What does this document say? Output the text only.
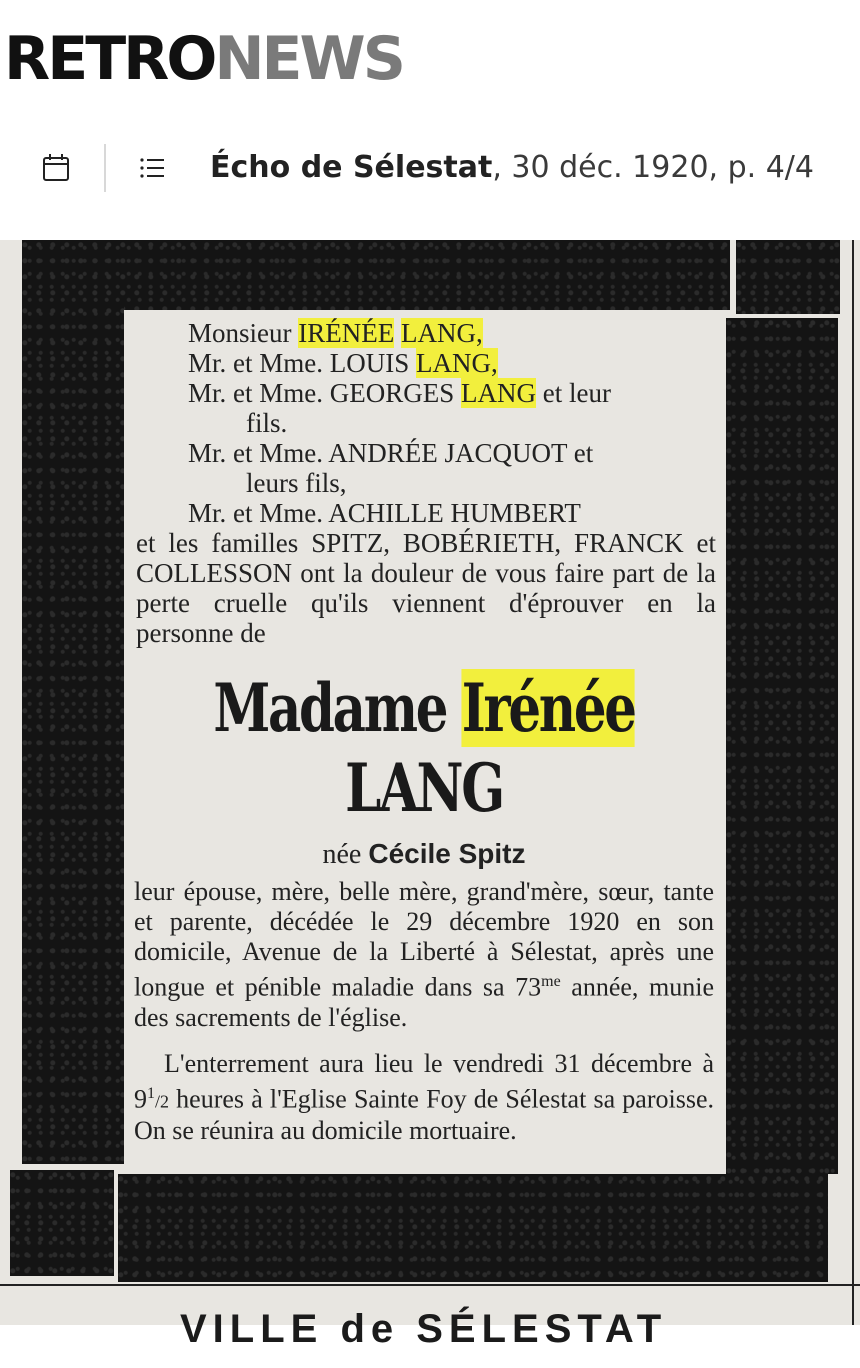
RETRONEWS
Écho de Sélestat, 30 déc. 1920, p. 4/4

Monsieur IRÉNÉE LANG,

Mr. et Mme. LOUIS LANG,

Mr. et Mme. GEORGES LANG et leur

fils.

Mr. et Mme. ANDRÉE JACQUOT et

leurs fils,

Mr. et Mme. ACHILLE HUMBERT

et les familles SPITZ, BOBÉRIETH, FRANCK et COLLESSON ont la douleur de vous faire part de la perte cruelle qu'ils viennent d'éprouver en la personne de

Madame Irénée LANG
née Cécile Spitz

leur épouse, mère, belle mère, grand'mère, sœur, tante et parente, décédée le 29 décembre 1920 en son domicile, Avenue de la Liberté à Sélestat, après une longue et pénible maladie dans sa $73^{me}$ année, munie des sacrements de l'église.

L'enterrement aura lieu le vendredi 31 décembre à $9^1/2$ heures à l'Eglise Sainte Foy de Sélestat sa paroisse. On se réunira au domicile mortuaire.

VILLE de SÉLESTAT
